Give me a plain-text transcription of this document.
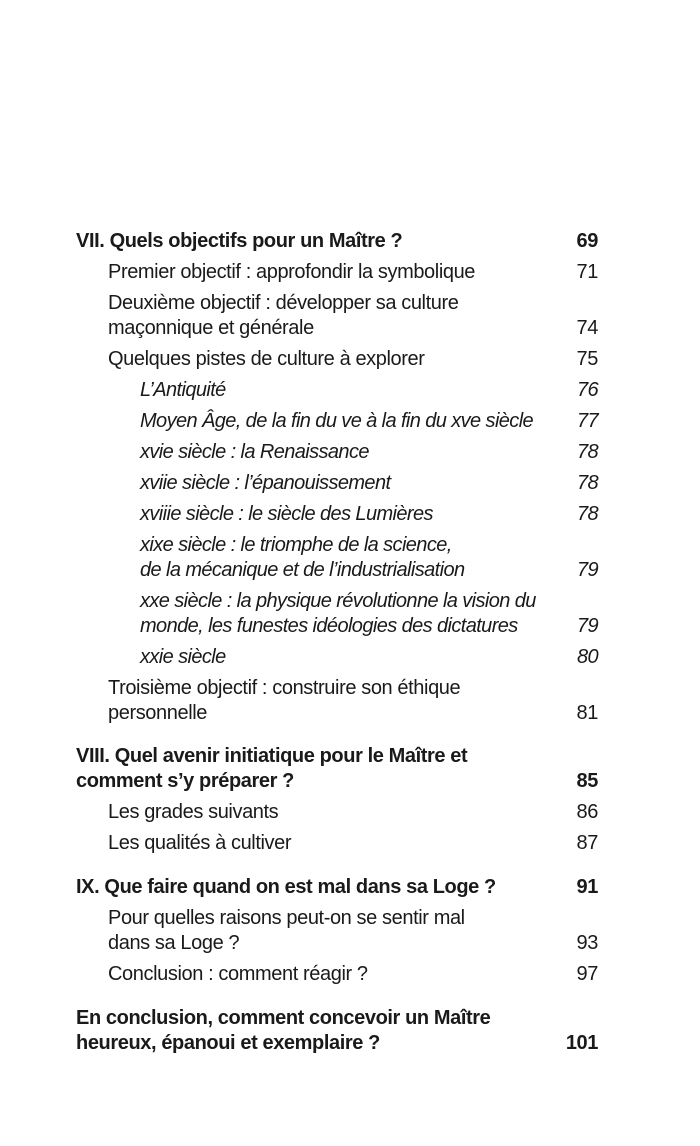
VII. Quels objectifs pour un Maître ?	69
Premier objectif : approfondir la symbolique	71
Deuxième objectif : développer sa culture
maçonnique et générale	74
Quelques pistes de culture à explorer	75
L’Antiquité	76
Moyen Âge, de la fin du ve à la fin du xve siècle	77
xvie siècle : la Renaissance	78
xviie siècle : l’épanouissement	78
xviiie siècle : le siècle des Lumières	78
xixe siècle : le triomphe de la science,
de la mécanique et de l’industrialisation	79
xxe siècle : la physique révolutionne la vision du
monde, les funestes idéologies des dictatures	79
xxie siècle	80
Troisième objectif : construire son éthique
personnelle	81
VIII. Quel avenir initiatique pour le Maître et
comment s’y préparer ?	85
Les grades suivants	86
Les qualités à cultiver	87
IX. Que faire quand on est mal dans sa Loge ?	91
Pour quelles raisons peut-on se sentir mal
dans sa Loge ?	93
Conclusion : comment réagir ?	97
En conclusion, comment concevoir un Maître
heureux, épanoui et exemplaire ?	101
